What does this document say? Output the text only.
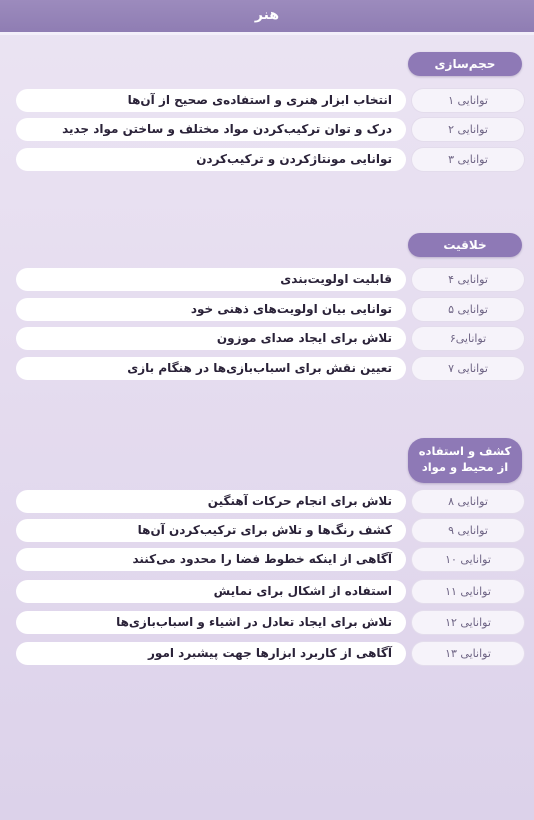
هنر
حجم‌سازی
توانایی ۱
انتخاب ابزار هنری و استفاده‌ی صحیح از آن‌ها
توانایی ۲
درک و توان ترکیب‌کردن مواد مختلف و ساختن مواد جدید
توانایی ۳
توانایی مونتاژکردن و ترکیب‌کردن
خلاقیت
توانایی ۴
قابلیت اولویت‌بندی
توانایی ۵
توانایی بیان اولویت‌های ذهنی خود
توانایی۶
تلاش برای ایجاد صدای موزون
توانایی ۷
تعیین نقش برای اسباب‌بازی‌ها در هنگام بازی
کشف و استفاده
از محیط و مواد
توانایی ۸
تلاش برای انجام حرکات آهنگین
توانایی ۹
کشف رنگ‌ها و تلاش برای ترکیب‌کردن آن‌ها
توانایی ۱۰
آگاهی از اینکه خطوط فضا را محدود می‌کنند
توانایی ۱۱
استفاده از اشکال برای نمایش
توانایی ۱۲
تلاش برای ایجاد تعادل در اشیاء و اسباب‌بازی‌ها
توانایی ۱۳
آگاهی از کاربرد ابزارها جهت پیشبرد امور
